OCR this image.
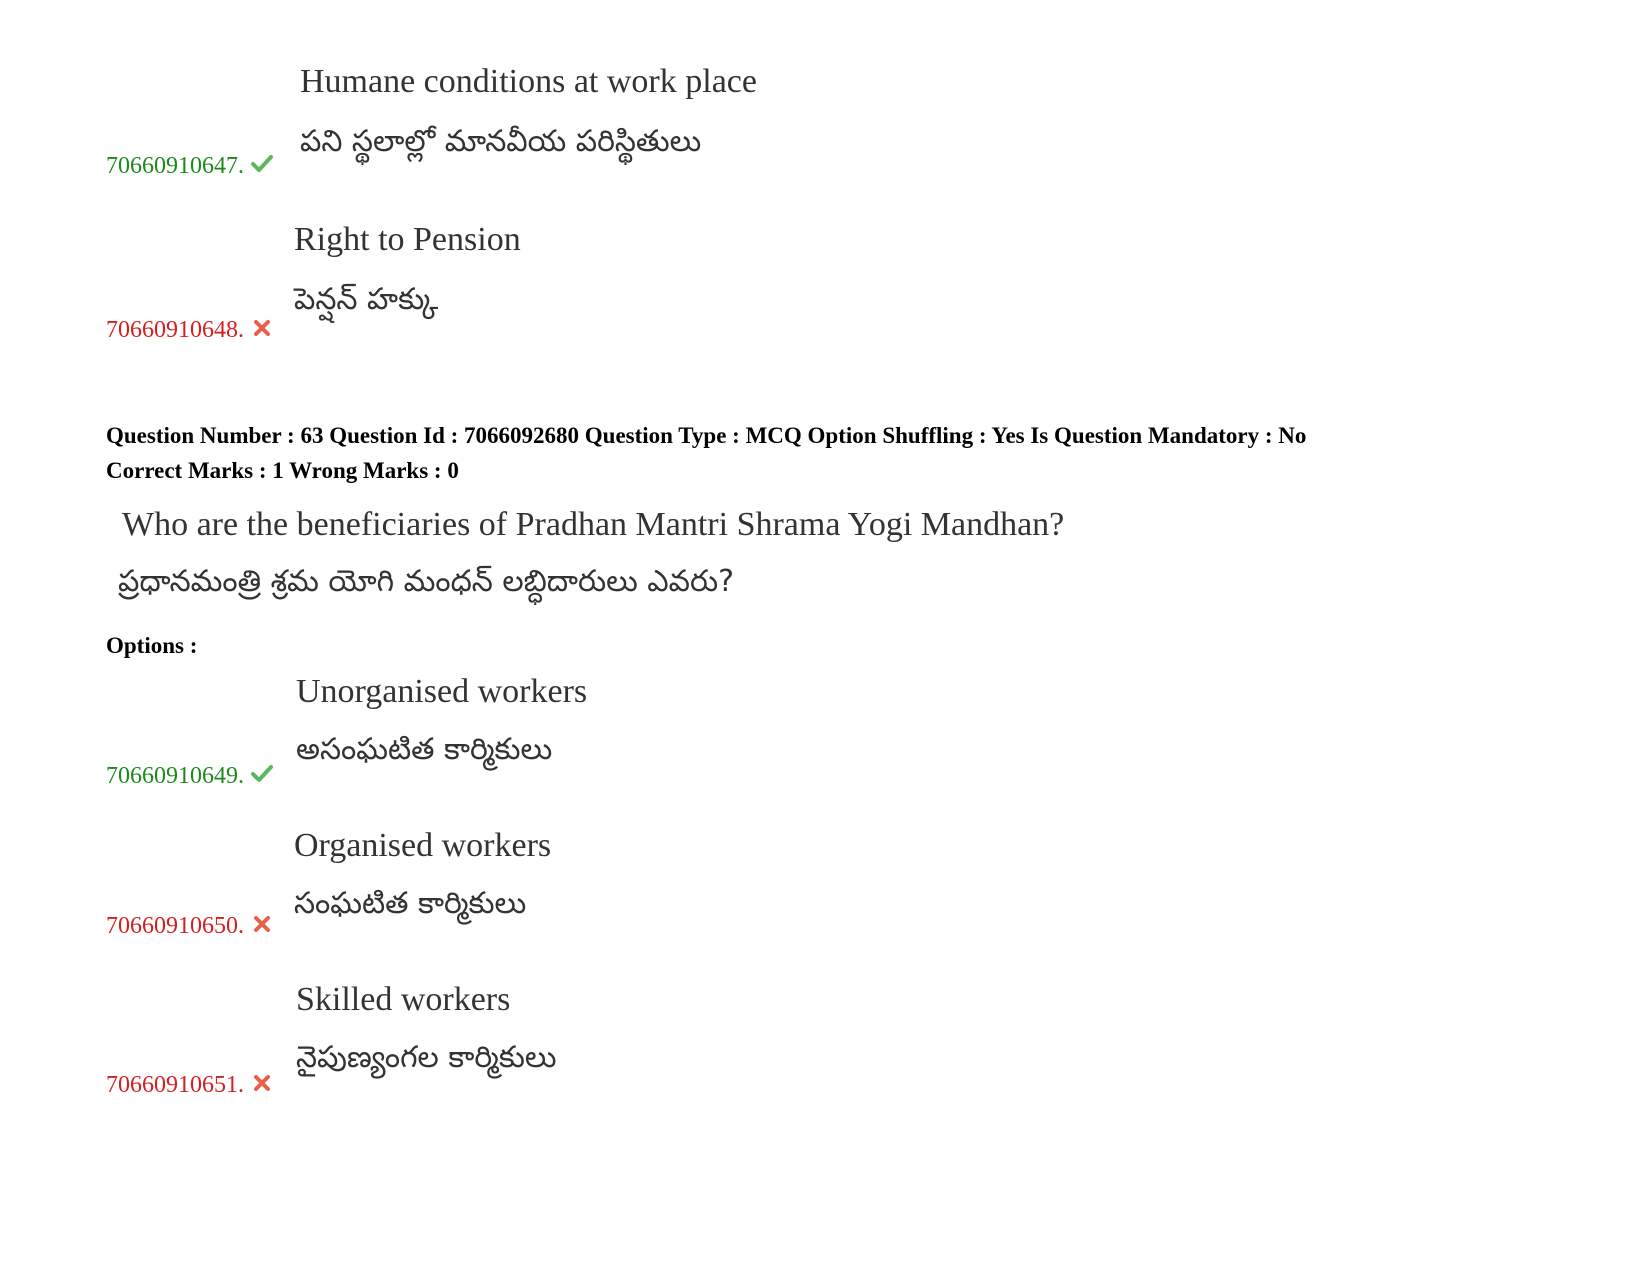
Humane conditions at work place
పని స్థలాల్లో మానవీయ పరిస్థితులు
70660910647.
Right to Pension
పెన్షన్ హక్కు
70660910648.
Question Number : 63 Question Id : 7066092680 Question Type : MCQ Option Shuffling : Yes Is Question Mandatory : No
Correct Marks : 1 Wrong Marks : 0
Who are the beneficiaries of Pradhan Mantri Shrama Yogi Mandhan?
ప్రధానమంత్రి శ్రమ యోగి మంధన్ లబ్ధిదారులు ఎవరు?
Options :
Unorganised workers
అసంఘటిత కార్మికులు
70660910649.
Organised workers
సంఘటిత కార్మికులు
70660910650.
Skilled workers
నైపుణ్యంగల కార్మికులు
70660910651.
